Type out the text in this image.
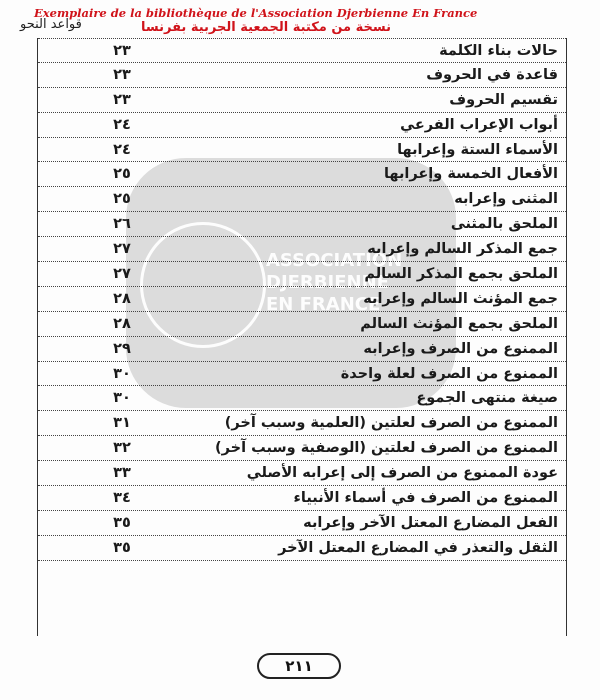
ASSOCIATION
DJERBIENNE
EN FRANCE
Exemplaire de la bibliothèque de l'Association Djerbienne En France
نسخة من مكتبة الجمعية الجربية بفرنسا
قواعد النحو
حالات بناء الكلمة
٢٣
قاعدة في الحروف
٢٣
تقسيم الحروف
٢٣
أبواب الإعراب الفرعي
٢٤
الأسماء الستة وإعرابها
٢٤
الأفعال الخمسة وإعرابها
٢٥
المثنى وإعرابه
٢٥
الملحق بالمثنى
٢٦
جمع المذكر السالم وإعرابه
٢٧
الملحق بجمع المذكر السالم
٢٧
جمع المؤنث السالم وإعرابه
٢٨
الملحق بجمع المؤنث السالم
٢٨
الممنوع من الصرف وإعرابه
٢٩
الممنوع من الصرف لعلة واحدة
٣٠
صيغة منتهى الجموع
٣٠
الممنوع من الصرف لعلتين (العلمية وسبب آخر)
٣١
الممنوع من الصرف لعلتين (الوصفية وسبب آخر)
٣٢
عودة الممنوع من الصرف إلى إعرابه الأصلي
٣٣
الممنوع من الصرف في أسماء الأنبياء
٣٤
الفعل المضارع المعتل الآخر وإعرابه
٣٥
الثقل والتعذر في المضارع المعتل الآخر
٣٥
٢١١
